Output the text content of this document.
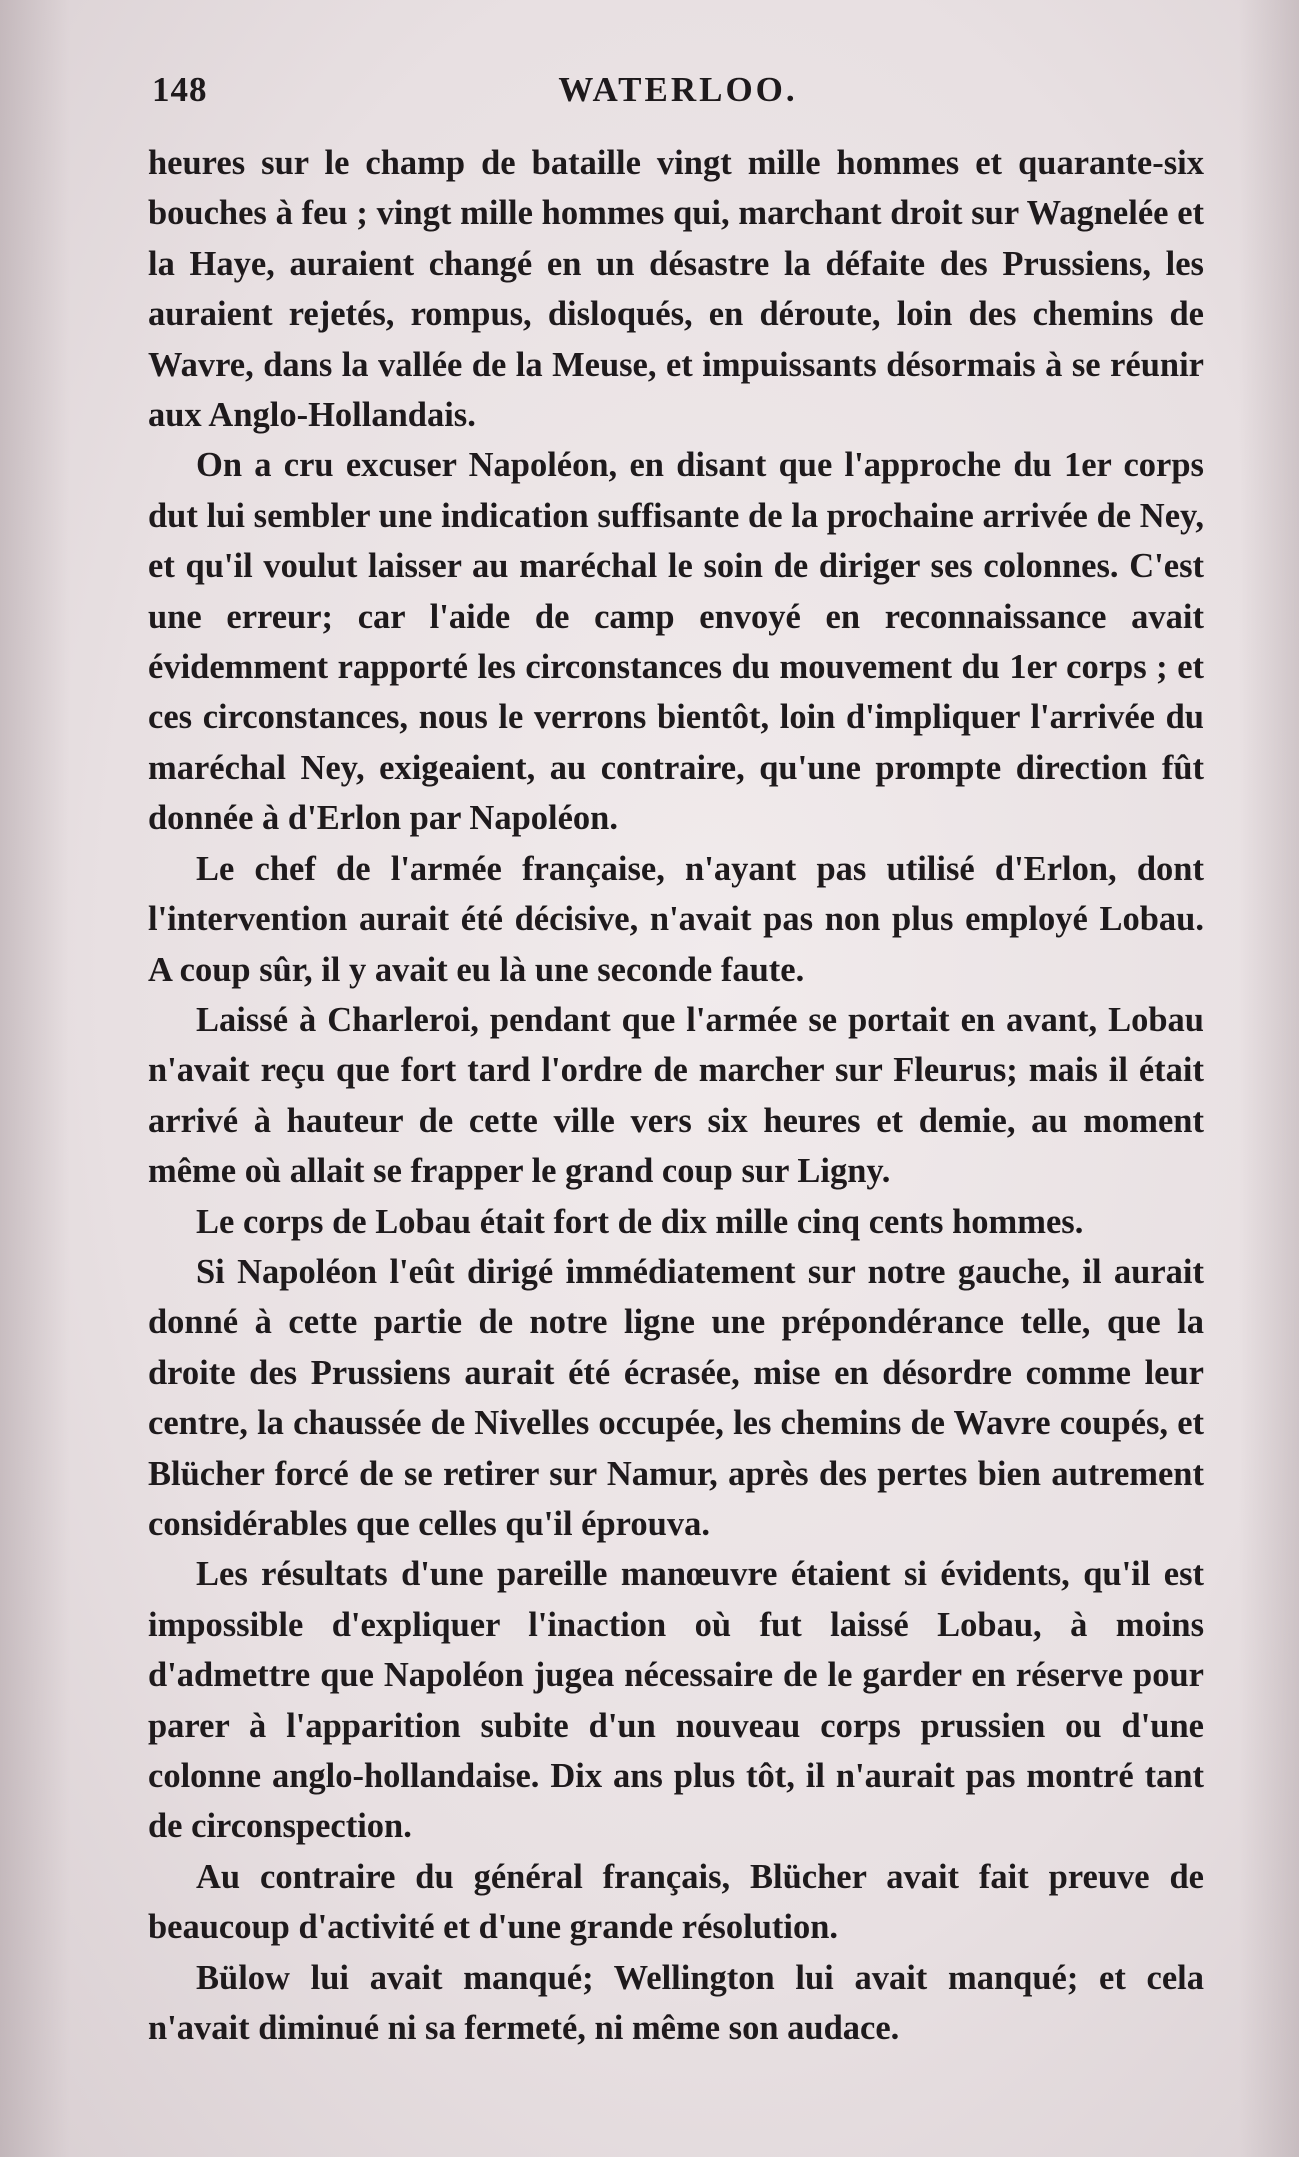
148	WATERLOO.

heures sur le champ de bataille vingt mille hommes et quarante-six bouches à feu ; vingt mille hommes qui, marchant droit sur Wagnelée et la Haye, auraient changé en un désastre la défaite des Prussiens, les auraient rejetés, rompus, disloqués, en déroute, loin des chemins de Wavre, dans la vallée de la Meuse, et impuissants désormais à se réunir aux Anglo-Hollandais.

On a cru excuser Napoléon, en disant que l'approche du 1er corps dut lui sembler une indication suffisante de la prochaine arrivée de Ney, et qu'il voulut laisser au maréchal le soin de diriger ses colonnes. C'est une erreur; car l'aide de camp envoyé en reconnaissance avait évidemment rapporté les circonstances du mouvement du 1er corps ; et ces circonstances, nous le verrons bientôt, loin d'impliquer l'arrivée du maréchal Ney, exigeaient, au contraire, qu'une prompte direction fût donnée à d'Erlon par Napoléon.

Le chef de l'armée française, n'ayant pas utilisé d'Erlon, dont l'intervention aurait été décisive, n'avait pas non plus employé Lobau. A coup sûr, il y avait eu là une seconde faute.

Laissé à Charleroi, pendant que l'armée se portait en avant, Lobau n'avait reçu que fort tard l'ordre de marcher sur Fleurus; mais il était arrivé à hauteur de cette ville vers six heures et demie, au moment même où allait se frapper le grand coup sur Ligny.

Le corps de Lobau était fort de dix mille cinq cents hommes.

Si Napoléon l'eût dirigé immédiatement sur notre gauche, il aurait donné à cette partie de notre ligne une prépondérance telle, que la droite des Prussiens aurait été écrasée, mise en désordre comme leur centre, la chaussée de Nivelles occupée, les chemins de Wavre coupés, et Blücher forcé de se retirer sur Namur, après des pertes bien autrement considérables que celles qu'il éprouva.

Les résultats d'une pareille manœuvre étaient si évidents, qu'il est impossible d'expliquer l'inaction où fut laissé Lobau, à moins d'admettre que Napoléon jugea nécessaire de le garder en réserve pour parer à l'apparition subite d'un nouveau corps prussien ou d'une colonne anglo-hollandaise. Dix ans plus tôt, il n'aurait pas montré tant de circonspection.

Au contraire du général français, Blücher avait fait preuve de beaucoup d'activité et d'une grande résolution.

Bülow lui avait manqué; Wellington lui avait manqué; et cela n'avait diminué ni sa fermeté, ni même son audace.
